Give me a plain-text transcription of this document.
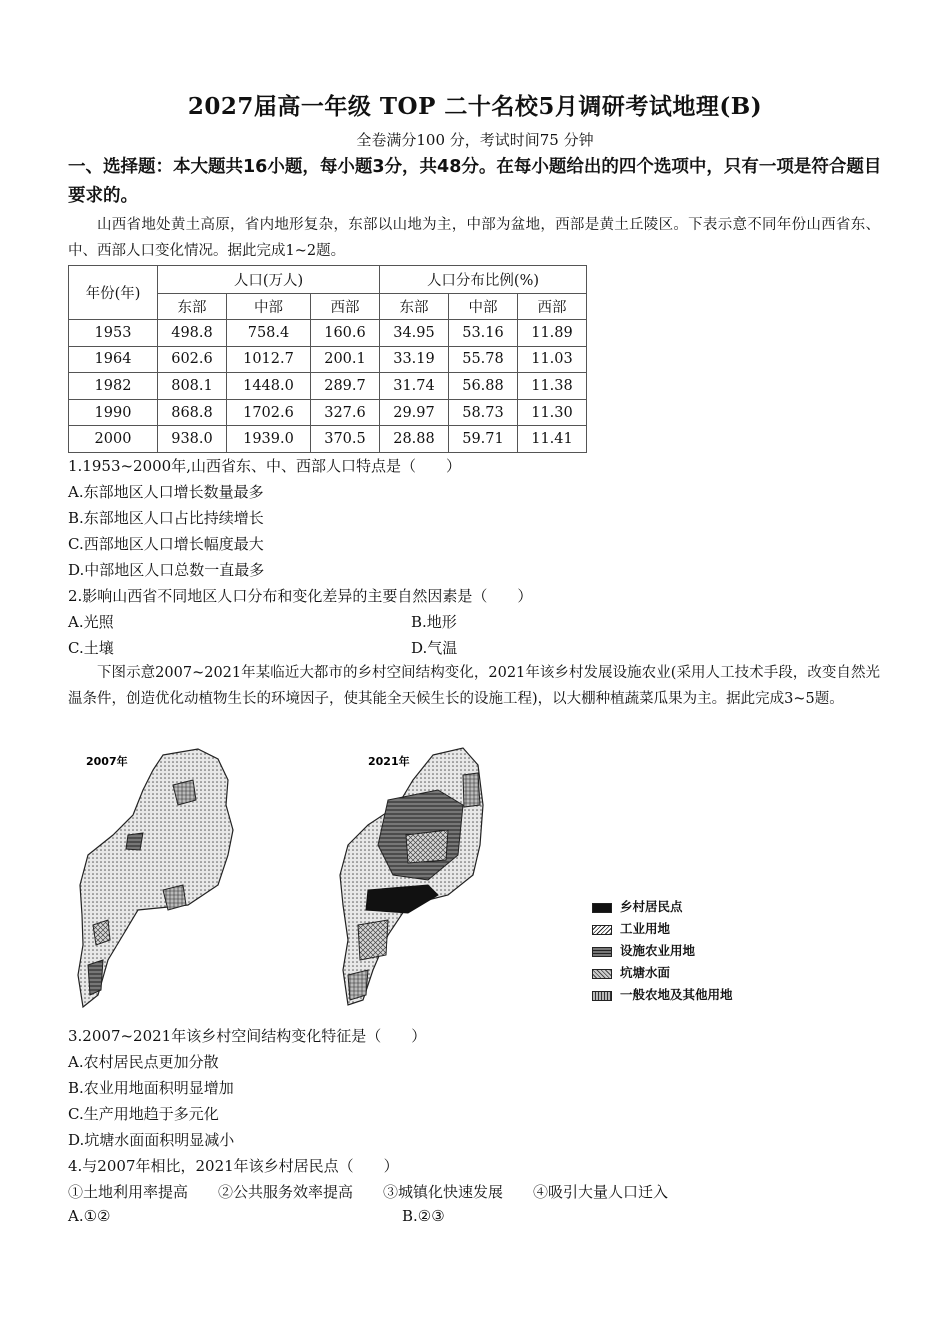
2027届高一年级 TOP 二十名校5月调研考试地理(B)
全卷满分100 分，考试时间75 分钟
一、选择题：本大题共16小题，每小题3分，共48分。在每小题给出的四个选项中，只有一项是符合题目要求的。
山西省地处黄土高原，省内地形复杂，东部以山地为主，中部为盆地，西部是黄土丘陵区。下表示意不同年份山西省东、中、西部人口变化情况。据此完成1~2题。
年份(年)	人口(万人)			人口分布比例(%)		
	东部	中部	西部	东部	中部	西部
1953	498.8	758.4	160.6	34.95	53.16	11.89
1964	602.6	1012.7	200.1	33.19	55.78	11.03
1982	808.1	1448.0	289.7	31.74	56.88	11.38
1990	868.8	1702.6	327.6	29.97	58.73	11.30
2000	938.0	1939.0	370.5	28.88	59.71	11.41
1.1953~2000年,山西省东、中、西部人口特点是（　　）
A.东部地区人口增长数量最多
B.东部地区人口占比持续增长
C.西部地区人口增长幅度最大
D.中部地区人口总数一直最多
2.影响山西省不同地区人口分布和变化差异的主要自然因素是（　　）
A.光照	B.地形
C.土壤	D.气温
下图示意2007~2021年某临近大都市的乡村空间结构变化，2021年该乡村发展设施农业(采用人工技术手段，改变自然光温条件，创造优化动植物生长的环境因子，使其能全天候生长的设施工程)，以大棚种植蔬菜瓜果为主。据此完成3~5题。
2007年	2021年
乡村居民点
工业用地
设施农业用地
坑塘水面
一般农地及其他用地
3.2007~2021年该乡村空间结构变化特征是（　　）
A.农村居民点更加分散
B.农业用地面积明显增加
C.生产用地趋于多元化
D.坑塘水面面积明显减小
4.与2007年相比，2021年该乡村居民点（　　）
①土地利用率提高　　②公共服务效率提高　　③城镇化快速发展　　④吸引大量人口迁入
A.①②	B.②③
